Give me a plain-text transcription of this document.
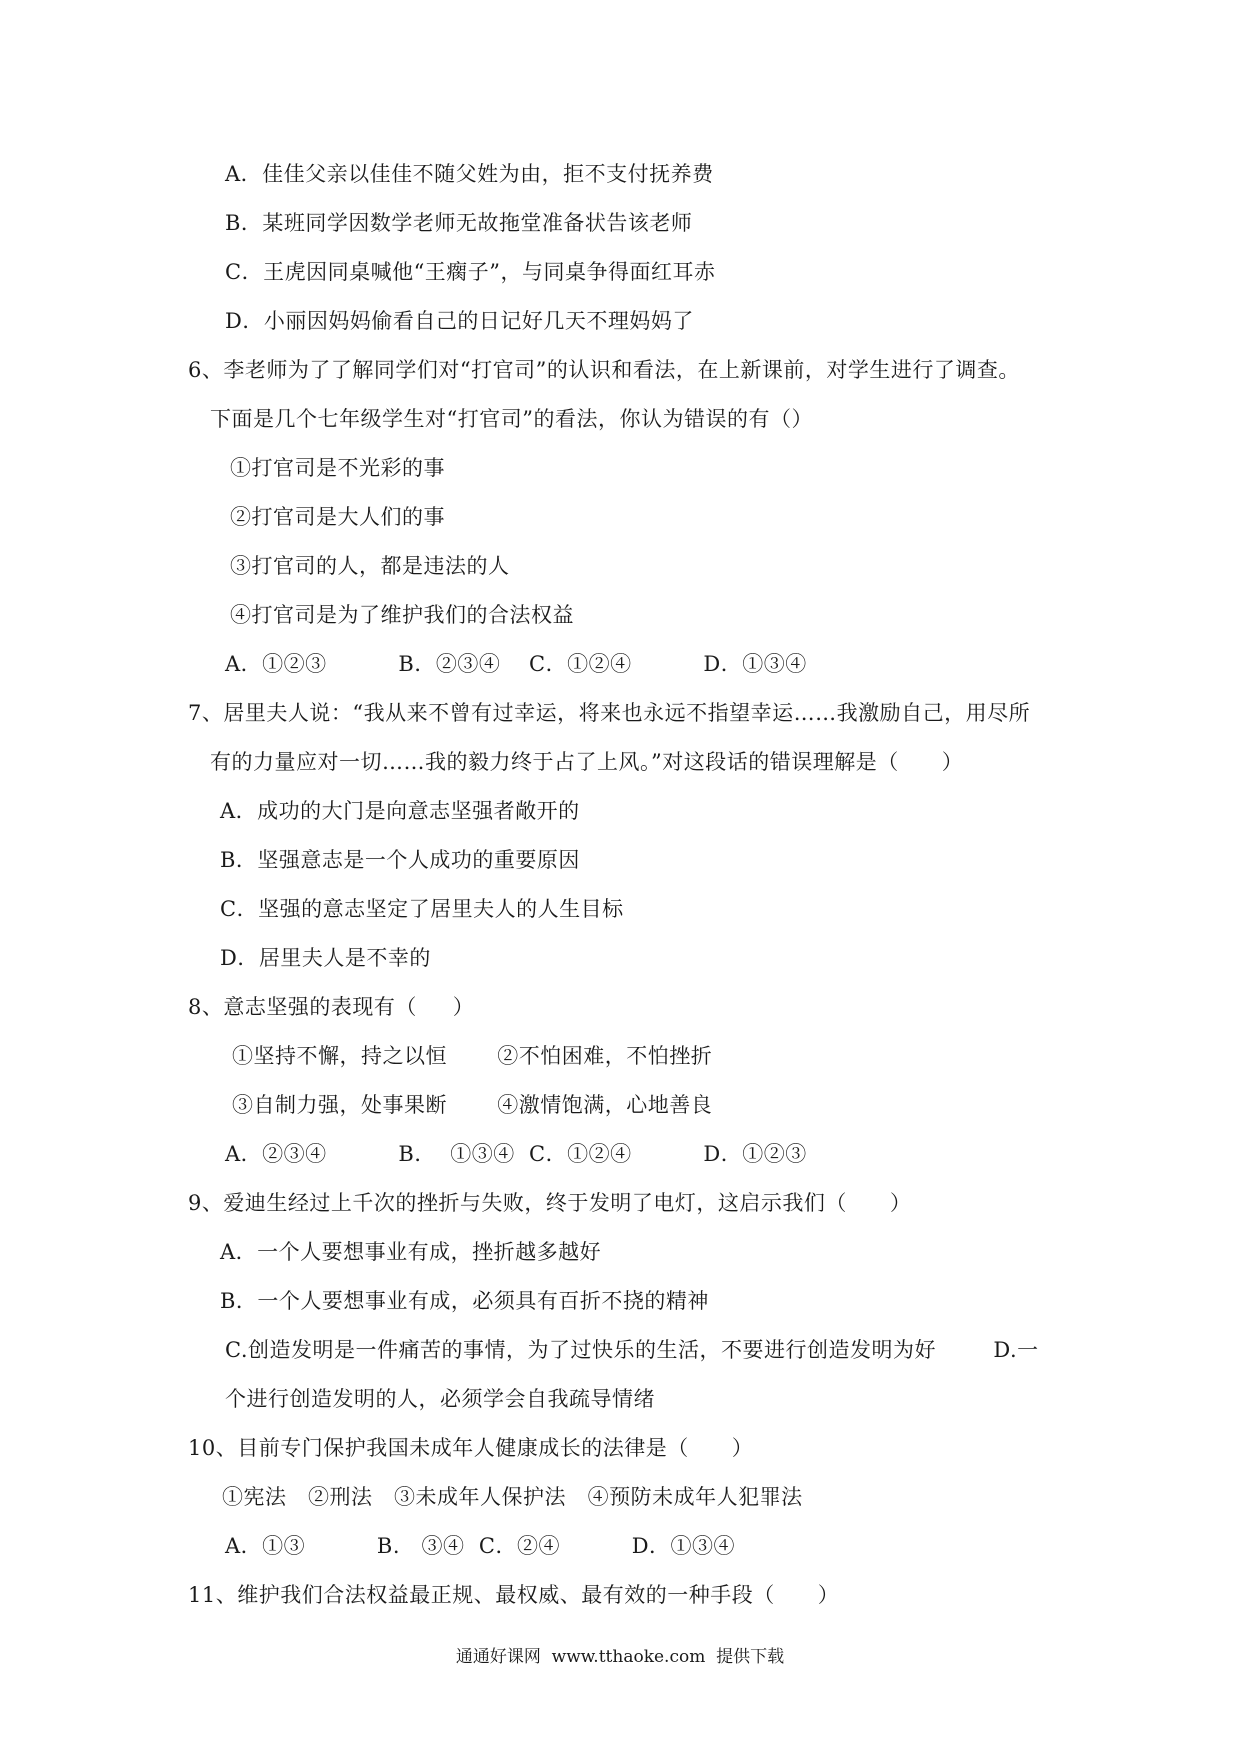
A．佳佳父亲以佳佳不随父姓为由，拒不支付抚养费
B．某班同学因数学老师无故拖堂准备状告该老师
C．王虎因同桌喊他“王瘸子”，与同桌争得面红耳赤
D．小丽因妈妈偷看自己的日记好几天不理妈妈了
6、李老师为了了解同学们对“打官司”的认识和看法，在上新课前，对学生进行了调查。
下面是几个七年级学生对“打官司”的看法，你认为错误的有（）
①打官司是不光彩的事
②打官司是大人们的事
③打官司的人，都是违法的人
④打官司是为了维护我们的合法权益
A．①②③          B．②③④    C．①②④          D．①③④
7、居里夫人说：“我从来不曾有过幸运，将来也永远不指望幸运……我激励自己，用尽所
有的力量应对一切……我的毅力终于占了上风。”对这段话的错误理解是（      ）
A．成功的大门是向意志坚强者敞开的
B．坚强意志是一个人成功的重要原因
C．坚强的意志坚定了居里夫人的人生目标
D．居里夫人是不幸的
8、意志坚强的表现有（     ）
①坚持不懈，持之以恒       ②不怕困难，不怕挫折
③自制力强，处事果断       ④激情饱满，心地善良
A．②③④          B．  ①③④  C．①②④          D．①②③
9、爱迪生经过上千次的挫折与失败，终于发明了电灯，这启示我们（      ）
A．一个人要想事业有成，挫折越多越好
B．一个人要想事业有成，必须具有百折不挠的精神
C.创造发明是一件痛苦的事情，为了过快乐的生活，不要进行创造发明为好        D.一
个进行创造发明的人，必须学会自我疏导情绪
10、目前专门保护我国未成年人健康成长的法律是（      ）
①宪法   ②刑法   ③未成年人保护法   ④预防未成年人犯罪法
A．①③          B.   ③④  C．②④          D．①③④
11、维护我们合法权益最正规、最权威、最有效的一种手段（      ）
通通好课网  www.tthaoke.com  提供下载
